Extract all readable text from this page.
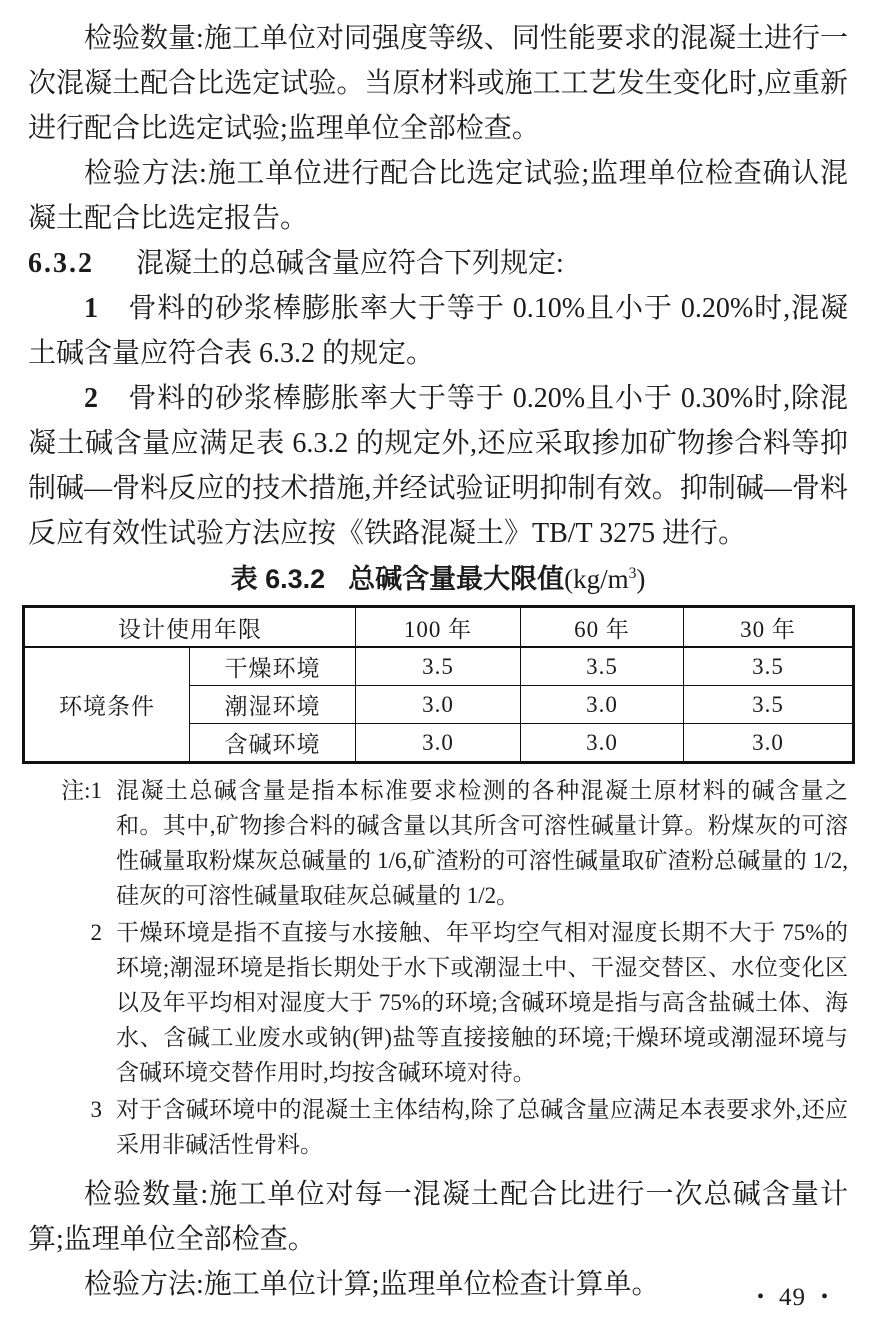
检验数量:施工单位对同强度等级、同性能要求的混凝土进行一次混凝土配合比选定试验。当原材料或施工工艺发生变化时,应重新进行配合比选定试验;监理单位全部检查。

检验方法:施工单位进行配合比选定试验;监理单位检查确认混凝土配合比选定报告。

6.3.2 混凝土的总碱含量应符合下列规定:

1 骨料的砂浆棒膨胀率大于等于 0.10%且小于 0.20%时,混凝土碱含量应符合表 6.3.2 的规定。

2 骨料的砂浆棒膨胀率大于等于 0.20%且小于 0.30%时,除混凝土碱含量应满足表 6.3.2 的规定外,还应采取掺加矿物掺合料等抑制碱—骨料反应的技术措施,并经试验证明抑制有效。抑制碱—骨料反应有效性试验方法应按《铁路混凝土》TB/T 3275 进行。

表 6.3.2 总碱含量最大限值$(kg/m^3)$
设计使用年限		100 年	60 年	30 年
环境条件	干燥环境	3.5	3.5	3.5
	潮湿环境	3.0	3.0	3.5
	含碱环境	3.0	3.0	3.0
注:1 混凝土总碱含量是指本标准要求检测的各种混凝土原材料的碱含量之和。其中,矿物掺合料的碱含量以其所含可溶性碱量计算。粉煤灰的可溶性碱量取粉煤灰总碱量的 1/6,矿渣粉的可溶性碱量取矿渣粉总碱量的 1/2,硅灰的可溶性碱量取硅灰总碱量的 1/2。
2 干燥环境是指不直接与水接触、年平均空气相对湿度长期不大于 75%的环境;潮湿环境是指长期处于水下或潮湿土中、干湿交替区、水位变化区以及年平均相对湿度大于 75%的环境;含碱环境是指与高含盐碱土体、海水、含碱工业废水或钠(钾)盐等直接接触的环境;干燥环境或潮湿环境与含碱环境交替作用时,均按含碱环境对待。
3 对于含碱环境中的混凝土主体结构,除了总碱含量应满足本表要求外,还应采用非碱活性骨料。

检验数量:施工单位对每一混凝土配合比进行一次总碱含量计算;监理单位全部检查。

检验方法:施工单位计算;监理单位检查计算单。	• 49 •
